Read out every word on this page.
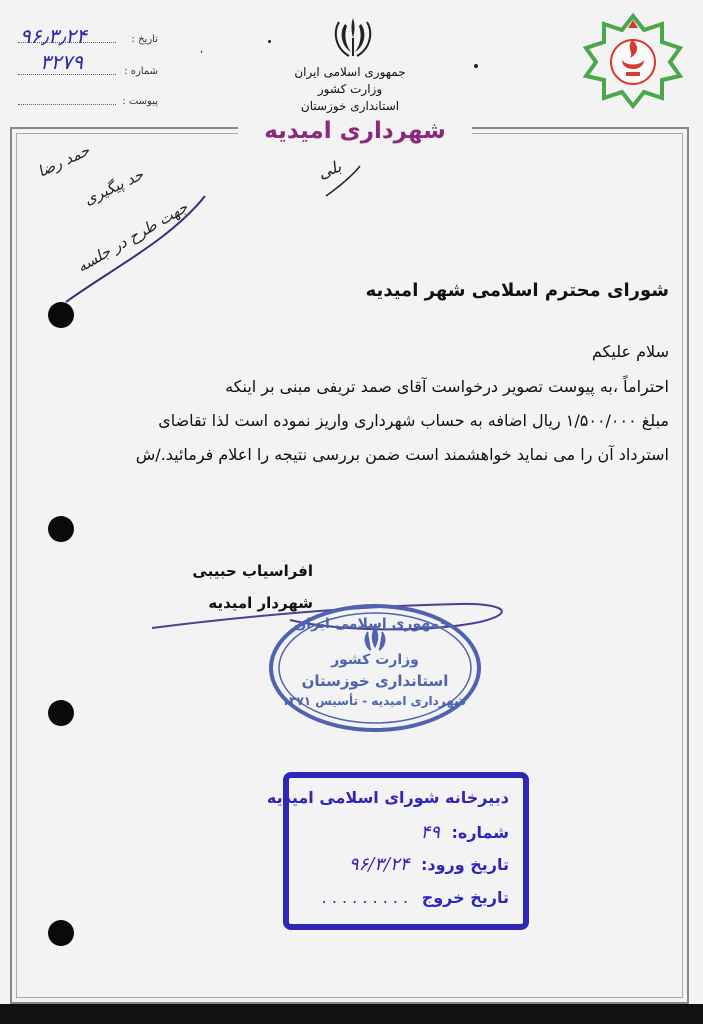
شهرداری امیدیه
جمهوری اسلامی ایران
وزارت کشور
استانداری خوزستان
تاریخ :
شماره :
پیوست :
۹۶٫۳٫۲۴
۳۲۷۹
,
بلی
حمد رضا
حد پیگیری
جهت طرح در جلسه
شورای محترم اسلامی شهر امیدیه
سلام علیکم
احتراماً ،به پیوست تصویر درخواست آقای صمد تریفی مبنی بر اینکه
مبلغ ۱/۵۰۰/۰۰۰ ریال اضافه به حساب شهرداری واریز نموده است لذا تقاضای
استرداد آن را می نماید خواهشمند است ضمن بررسی نتیجه را اعلام فرمائید./ش
افراسیاب حبیبی
شهردار امیدیه
جمهوری اسلامی ایران
وزارت کشور
استانداری خوزستان
شهرداری امیدیه - تأسیس ۱۳۷۱
دبیرخانه شورای اسلامی امیدیه
شماره: ۴۹
تاریخ ورود: ۹۶/۳/۲۴
تاریخ خروج . . . . . . . . .
